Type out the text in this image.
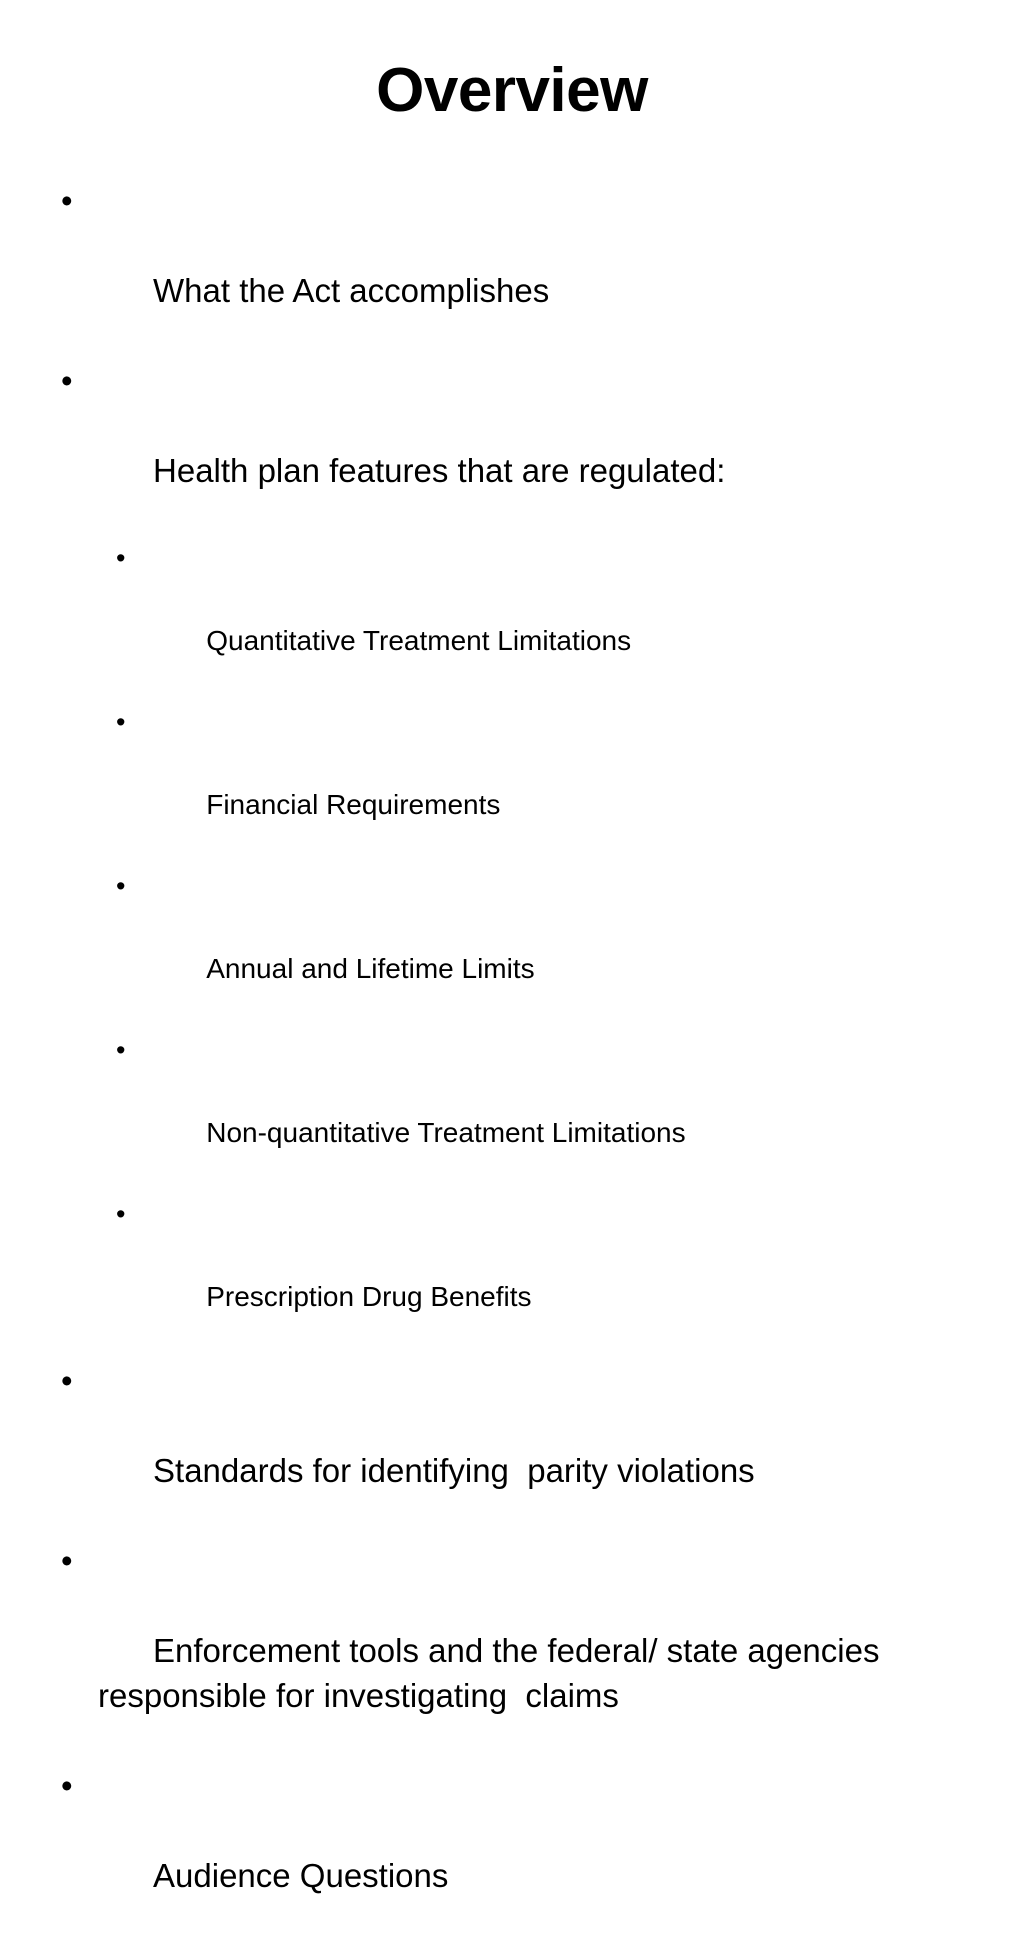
Overview

•

What the Act accomplishes

•

Health plan features that are regulated:

•

Quantitative Treatment Limitations

•

Financial Requirements

•

Annual and Lifetime Limits

•

Non-quantitative Treatment Limitations

•

Prescription Drug Benefits

•

Standards for identifying  parity violations

•

Enforcement tools and the federal/ state agencies responsible for investigating  claims

•

Audience Questions
